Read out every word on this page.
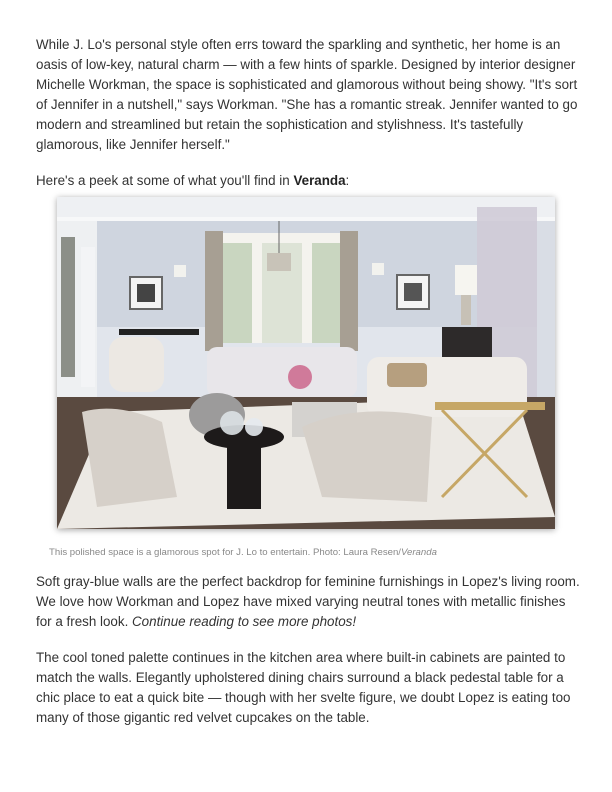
While J. Lo's personal style often errs toward the sparkling and synthetic, her home is an oasis of low-key, natural charm — with a few hints of sparkle. Designed by interior designer Michelle Workman, the space is sophisticated and glamorous without being showy. "It's sort of Jennifer in a nutshell," says Workman. "She has a romantic streak. Jennifer wanted to go modern and streamlined but retain the sophistication and stylishness. It's tastefully glamorous, like Jennifer herself."

Here's a peek at some of what you'll find in Veranda:

This polished space is a glamorous spot for J. Lo to entertain. Photo: Laura Resen/Veranda

Soft gray-blue walls are the perfect backdrop for feminine furnishings in Lopez's living room. We love how Workman and Lopez have mixed varying neutral tones with metallic finishes for a fresh look. Continue reading to see more photos!

The cool toned palette continues in the kitchen area where built-in cabinets are painted to match the walls. Elegantly upholstered dining chairs surround a black pedestal table for a chic place to eat a quick bite — though with her svelte figure, we doubt Lopez is eating too many of those gigantic red velvet cupcakes on the table.
